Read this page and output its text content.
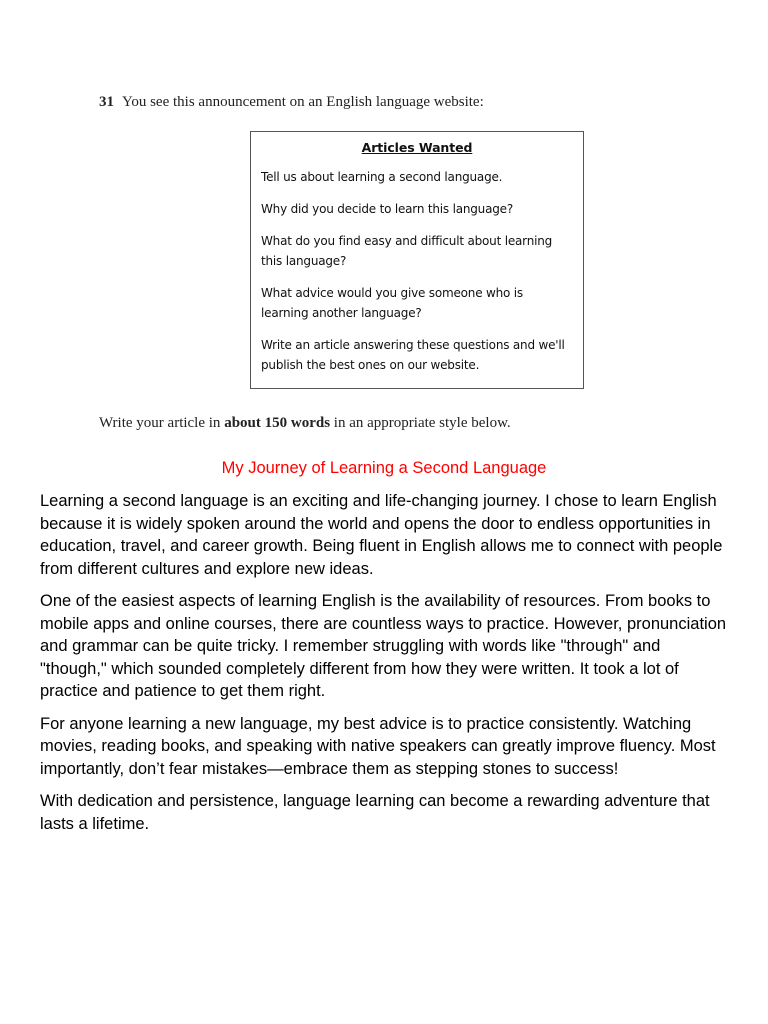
31 You see this announcement on an English language website:
Articles Wanted
Tell us about learning a second language.
Why did you decide to learn this language?
What do you find easy and difficult about learning this language?
What advice would you give someone who is learning another language?
Write an article answering these questions and we'll publish the best ones on our website.
Write your article in about 150 words in an appropriate style below.
My Journey of Learning a Second Language

Learning a second language is an exciting and life-changing journey. I chose to learn English because it is widely spoken around the world and opens the door to endless opportunities in education, travel, and career growth. Being fluent in English allows me to connect with people from different cultures and explore new ideas.

One of the easiest aspects of learning English is the availability of resources. From books to mobile apps and online courses, there are countless ways to practice. However, pronunciation and grammar can be quite tricky. I remember struggling with words like "through" and "though," which sounded completely different from how they were written. It took a lot of practice and patience to get them right.

For anyone learning a new language, my best advice is to practice consistently. Watching movies, reading books, and speaking with native speakers can greatly improve fluency. Most importantly, don’t fear mistakes—embrace them as stepping stones to success!

With dedication and persistence, language learning can become a rewarding adventure that lasts a lifetime.
